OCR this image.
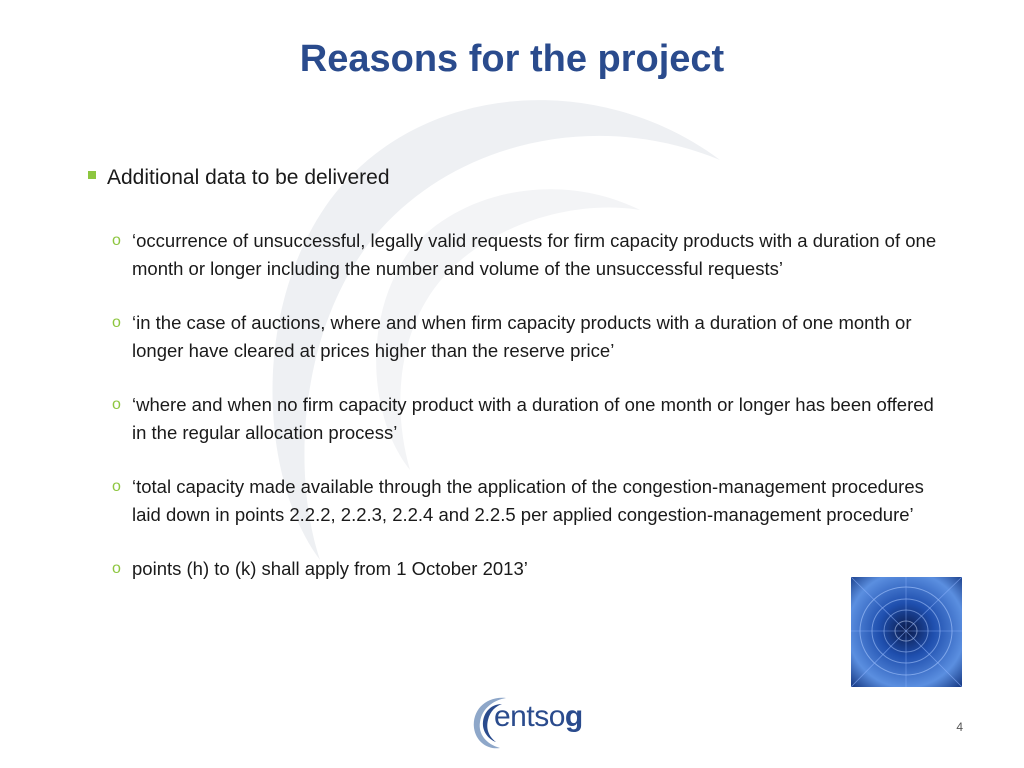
Reasons for the project
Additional data to be delivered
o ‘occurrence of unsuccessful, legally valid requests for firm capacity products with a duration of one month or longer including the number and volume of the unsuccessful requests’
o ‘in the case of auctions, where and when firm capacity products with a duration of one month or longer have cleared at prices higher than the reserve price’
o ‘where and when no firm capacity product with a duration of one month or longer has been offered in the regular allocation process’
o ‘total capacity made available through the application of the congestion-management procedures laid down in points 2.2.2, 2.2.3, 2.2.4 and 2.2.5 per applied congestion-management procedure’
o points (h) to (k) shall apply from 1 October 2013’
entsog	4
